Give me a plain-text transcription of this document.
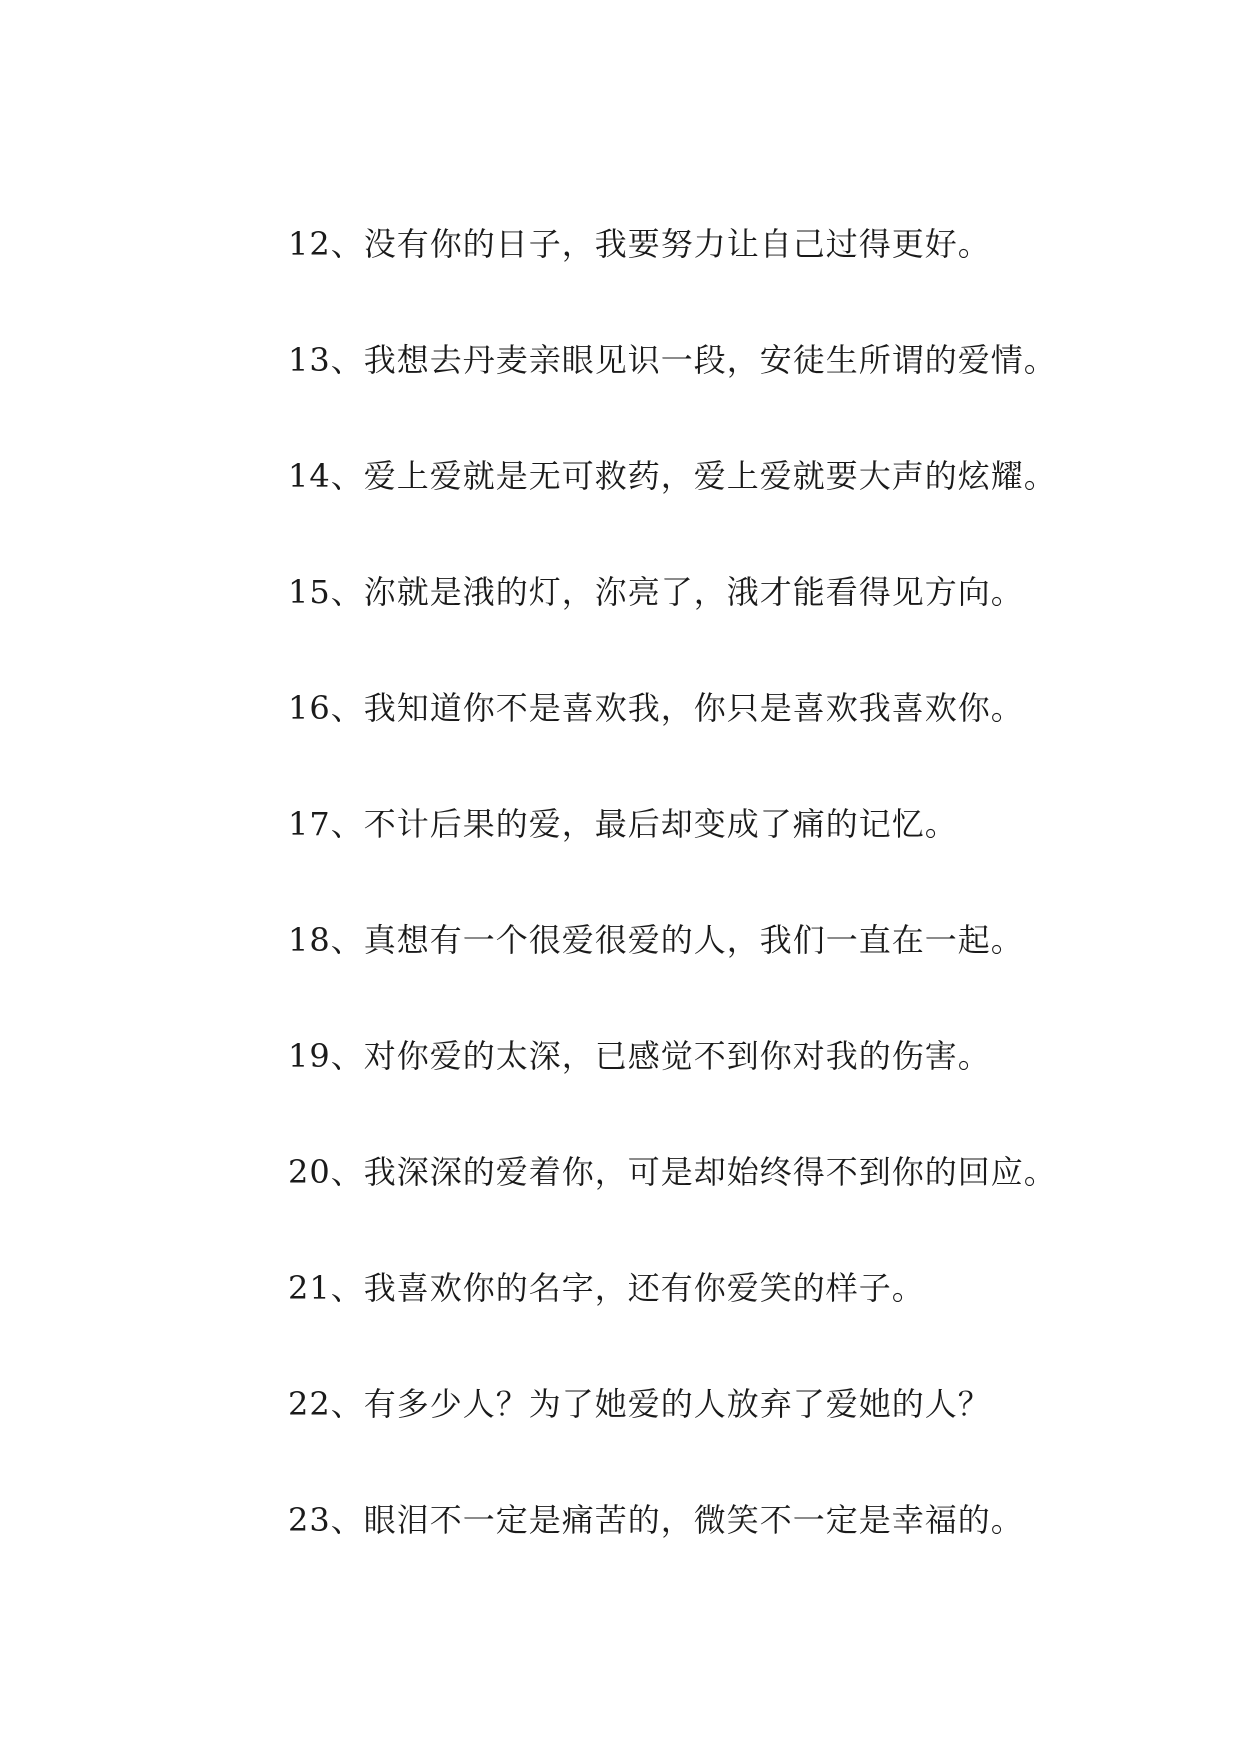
12、没有你的日子，我要努力让自己过得更好。
13、我想去丹麦亲眼见识一段，安徒生所谓的爱情。
14、爱上爱就是无可救药，爱上爱就要大声的炫耀。
15、沵就是涐的灯，沵亮了，涐才能看得见方向。
16、我知道你不是喜欢我，你只是喜欢我喜欢你。
17、不计后果的爱，最后却变成了痛的记忆。
18、真想有一个很爱很爱的人，我们一直在一起。
19、对你爱的太深，已感觉不到你对我的伤害。
20、我深深的爱着你，可是却始终得不到你的回应。
21、我喜欢你的名字，还有你爱笑的样子。
22、有多少人？为了她爱的人放弃了爱她的人？
23、眼泪不一定是痛苦的，微笑不一定是幸福的。
